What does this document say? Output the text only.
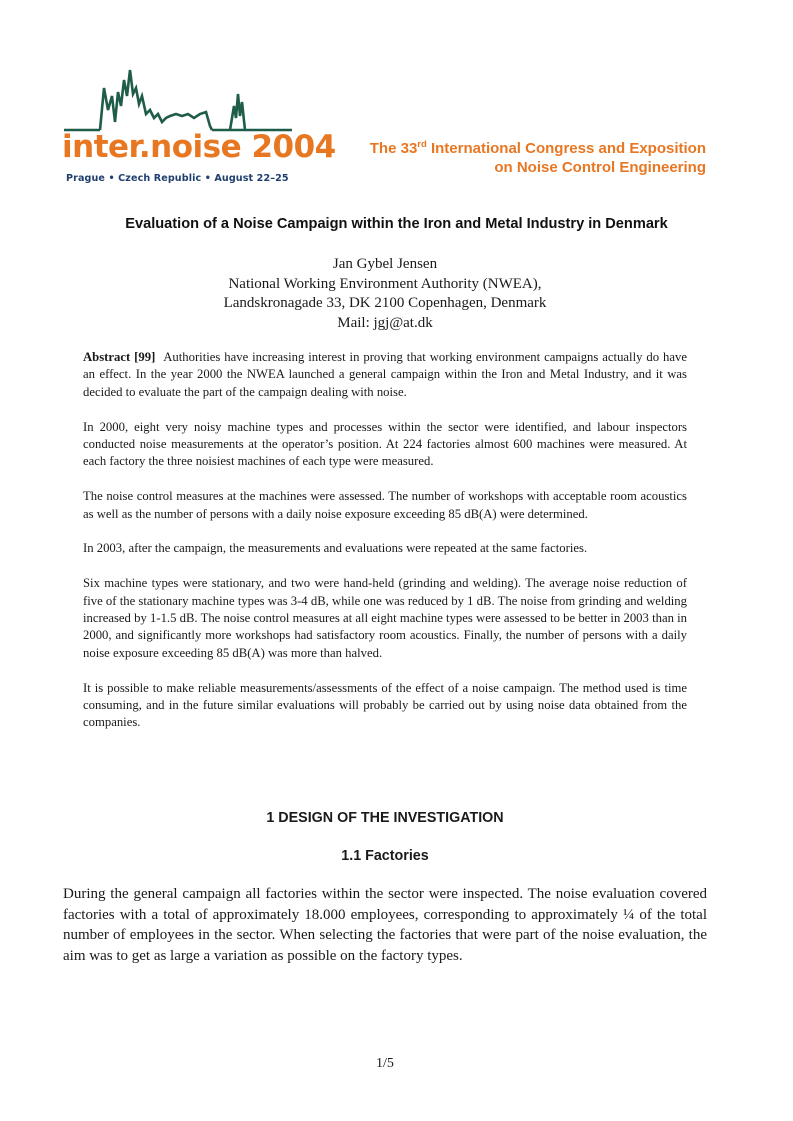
inter.noise 2004
Prague • Czech Republic • August 22–25
The 33rd International Congress and Exposition
on Noise Control Engineering
Evaluation of a Noise Campaign within the Iron and Metal Industry in Denmark
Jan Gybel Jensen
National Working Environment Authority (NWEA),
Landskronagade 33, DK 2100 Copenhagen, Denmark
Mail: jgj@at.dk

Abstract [99] Authorities have increasing interest in proving that working environment campaigns actually do have an effect. In the year 2000 the NWEA launched a general campaign within the Iron and Metal Industry, and it was decided to evaluate the part of the campaign dealing with noise.

In 2000, eight very noisy machine types and processes within the sector were identified, and labour inspectors conducted noise measurements at the operator’s position. At 224 factories almost 600 machines were measured. At each factory the three noisiest machines of each type were measured.

The noise control measures at the machines were assessed. The number of workshops with acceptable room acoustics as well as the number of persons with a daily noise exposure exceeding 85 dB(A) were determined.

In 2003, after the campaign, the measurements and evaluations were repeated at the same factories.

Six machine types were stationary, and two were hand-held (grinding and welding). The average noise reduction of five of the stationary machine types was 3-4 dB, while one was reduced by 1 dB. The noise from grinding and welding increased by 1-1.5 dB. The noise control measures at all eight machine types were assessed to be better in 2003 than in 2000, and significantly more workshops had satisfactory room acoustics. Finally, the number of persons with a daily noise exposure exceeding 85 dB(A) was more than halved.

It is possible to make reliable measurements/assessments of the effect of a noise campaign. The method used is time consuming, and in the future similar evaluations will probably be carried out by using noise data obtained from the companies.

1 DESIGN OF THE INVESTIGATION
1.1 Factories

During the general campaign all factories within the sector were inspected. The noise evaluation covered factories with a total of approximately 18.000 employees, corresponding to approximately ¼ of the total number of employees in the sector. When selecting the factories that were part of the noise evaluation, the aim was to get as large a variation as possible on the factory types.

1/5
